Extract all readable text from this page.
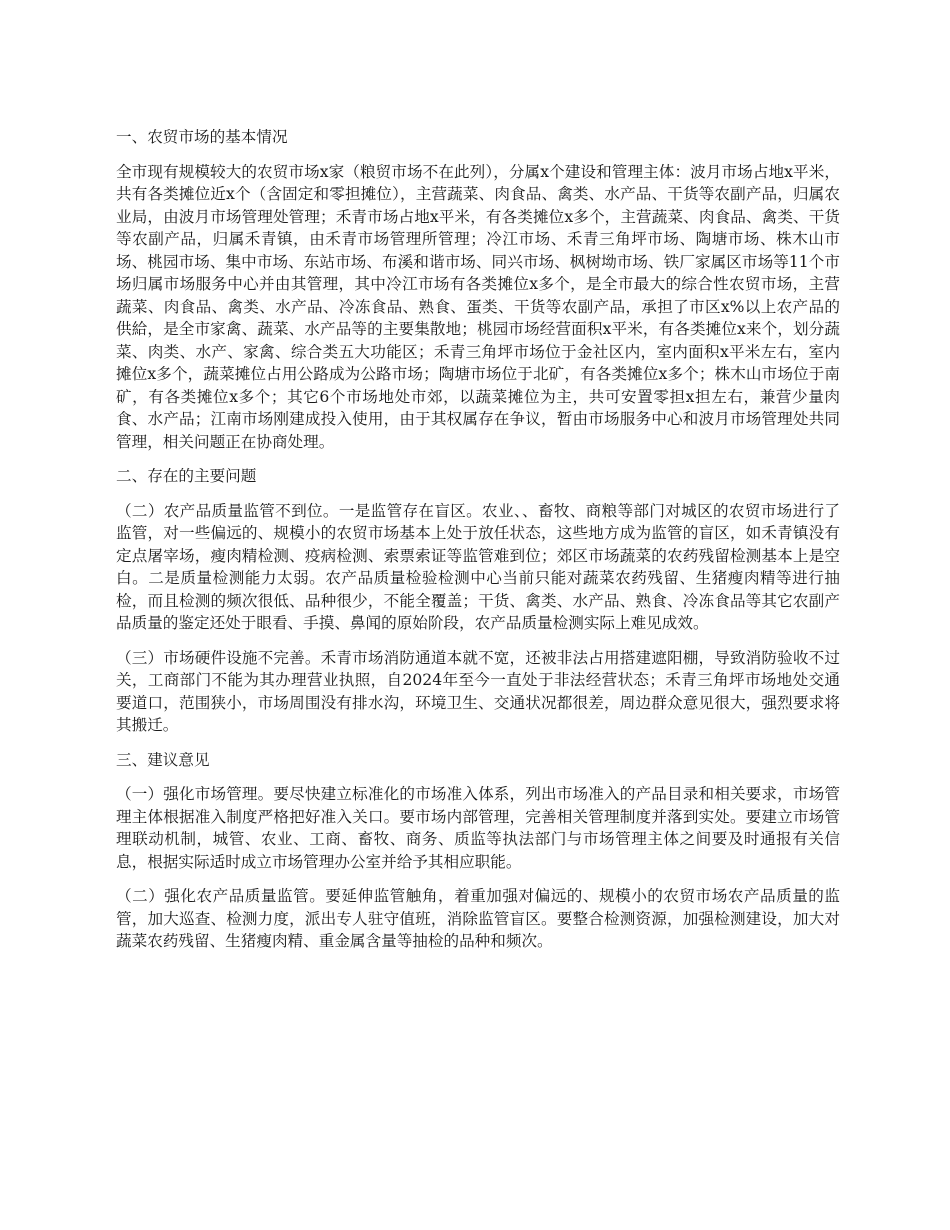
一、农贸市场的基本情况
全市现有规模较大的农贸市场x家（粮贸市场不在此列），分属x个建设和管理主体：波月市场占地x平米，共有各类摊位近x个（含固定和零担摊位），主营蔬菜、肉食品、禽类、水产品、干货等农副产品，归属农业局，由波月市场管理处管理；禾青市场占地x平米，有各类摊位x多个，主营蔬菜、肉食品、禽类、干货等农副产品，归属禾青镇，由禾青市场管理所管理；冷江市场、禾青三角坪市场、陶塘市场、株木山市场、桃园市场、集中市场、东站市场、布溪和谐市场、同兴市场、枫树坳市场、铁厂家属区市场等11个市场归属市场服务中心并由其管理，其中冷江市场有各类摊位x多个，是全市最大的综合性农贸市场，主营蔬菜、肉食品、禽类、水产品、冷冻食品、熟食、蛋类、干货等农副产品，承担了市区x%以上农产品的供給，是全市家禽、蔬菜、水产品等的主要集散地；桃园市场经营面积x平米，有各类摊位x来个，划分蔬菜、肉类、水产、家禽、综合类五大功能区；禾青三角坪市场位于金社区内，室内面积x平米左右，室内摊位x多个，蔬菜摊位占用公路成为公路市场；陶塘市场位于北矿，有各类摊位x多个；株木山市场位于南矿，有各类摊位x多个；其它6个市场地处市郊，以蔬菜摊位为主，共可安置零担x担左右，兼营少量肉食、水产品；江南市场刚建成投入使用，由于其权属存在争议，暂由市场服务中心和波月市场管理处共同管理，相关问题正在协商处理。
二、存在的主要问题
（二）农产品质量监管不到位。一是监管存在盲区。农业、、畜牧、商粮等部门对城区的农贸市场进行了监管，对一些偏远的、规模小的农贸市场基本上处于放任状态，这些地方成为监管的盲区，如禾青镇没有定点屠宰场，瘦肉精检测、疫病检测、索票索证等监管难到位；郊区市场蔬菜的农药残留检测基本上是空白。二是质量检测能力太弱。农产品质量检验检测中心当前只能对蔬菜农药残留、生猪瘦肉精等进行抽检，而且检测的频次很低、品种很少，不能全覆盖；干货、禽类、水产品、熟食、冷冻食品等其它农副产品质量的鉴定还处于眼看、手摸、鼻闻的原始阶段，农产品质量检测实际上难见成效。
（三）市场硬件设施不完善。禾青市场消防通道本就不宽，还被非法占用搭建遮阳棚，导致消防验收不过关，工商部门不能为其办理营业执照，自2024年至今一直处于非法经营状态；禾青三角坪市场地处交通要道口，范围狭小，市场周围没有排水沟，环境卫生、交通状况都很差，周边群众意见很大，强烈要求将其搬迁。
三、建议意见
（一）强化市场管理。要尽快建立标准化的市场准入体系，列出市场准入的产品目录和相关要求，市场管理主体根据准入制度严格把好准入关口。要市场内部管理，完善相关管理制度并落到实处。要建立市场管理联动机制，城管、农业、工商、畜牧、商务、质监等执法部门与市场管理主体之间要及时通报有关信息，根据实际适时成立市场管理办公室并给予其相应职能。
（二）强化农产品质量监管。要延伸监管触角，着重加强对偏远的、规模小的农贸市场农产品质量的监管，加大巡查、检测力度，派出专人驻守值班，消除监管盲区。要整合检测资源，加强检测建设，加大对蔬菜农药残留、生猪瘦肉精、重金属含量等抽检的品种和频次。
